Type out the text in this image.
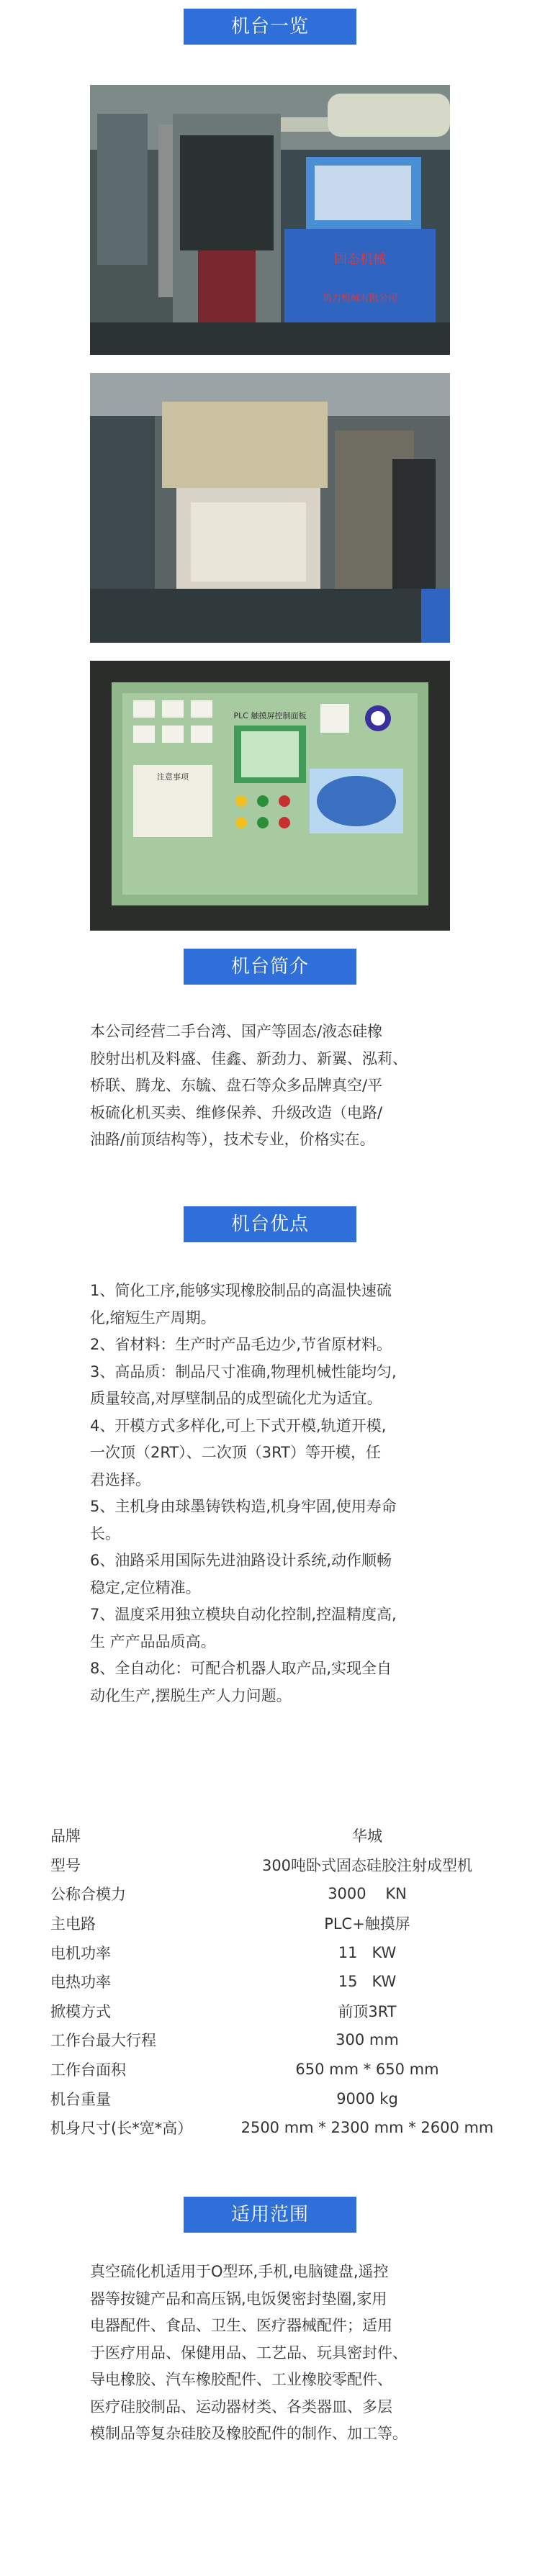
机台一览
固态机械
新力机械有限公司
PLC 触摸屏控制面板
注意事项
机台简介

本公司经营二手台湾、国产等固态/液态硅橡

胶射出机及料盛、佳鑫、新劲力、新翼、泓莉、

桥联、腾龙、东毓、盘石等众多品牌真空/平

板硫化机买卖、维修保养、升级改造（电路/

油路/前顶结构等），技术专业，价格实在。

机台优点

1、简化工序,能够实现橡胶制品的高温快速硫

化,缩短生产周期。

2、省材料：生产时产品毛边少,节省原材料。

3、高品质：制品尺寸准确,物理机械性能均匀,

质量较高,对厚壁制品的成型硫化尤为适宜。

4、开模方式多样化,可上下式开模,轨道开模,

一次顶（2RT）、二次顶（3RT）等开模，任

君选择。

5、主机身由球墨铸铁构造,机身牢固,使用寿命

长。

6、油路采用国际先进油路设计系统,动作顺畅

稳定,定位精准。

7、温度采用独立模块自动化控制,控温精度高,

生 产产品品质高。

8、全自动化：可配合机器人取产品,实现全自

动化生产,摆脱生产人力问题。

品牌	华城
型号	300吨卧式固态硅胶注射成型机
公称合模力	3000    KN
主电路	PLC+触摸屏
电机功率	11   KW
电热功率	15   KW
掀模方式	前顶3RT
工作台最大行程	300 mm
工作台面积	650 mm * 650 mm
机台重量	9000 kg
机身尺寸(长*宽*高）	2500 mm * 2300 mm * 2600 mm
适用范围

真空硫化机适用于O型环,手机,电脑键盘,遥控

器等按键产品和高压锅,电饭煲密封垫圈,家用

电器配件、食品、卫生、医疗器械配件；适用

于医疗用品、保健用品、工艺品、玩具密封件、

导电橡胶、汽车橡胶配件、工业橡胶零配件、

医疗硅胶制品、运动器材类、各类器皿、多层

模制品等复杂硅胶及橡胶配件的制作、加工等。
